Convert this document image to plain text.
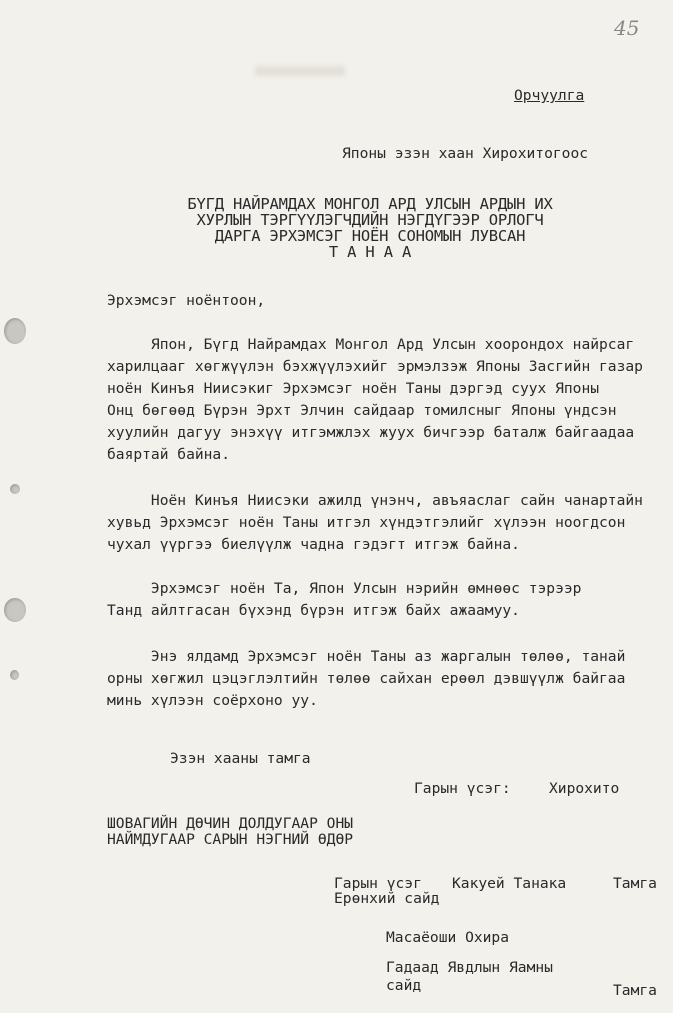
45
Орчуулга
Японы эзэн хаан Хирохитогоос
БҮГД НАЙРАМДАХ МОНГОЛ АРД УЛСЫН АРДЫН ИХ
ХУРЛЫН ТЭРГҮҮЛЭГЧДИЙН НЭГДҮГЭЭР ОРЛОГЧ
ДАРГА ЭРХЭМСЭГ НОЁН СОНОМЫН ЛУВСАН
Т А Н А А
Эрхэмсэг ноёнтоон,
Япон, Бүгд Найрамдах Монгол Ард Улсын хоорондох найрсаг
харилцааг хөгжүүлэн бэхжүүлэхийг эрмэлзэж Японы Засгийн газар
ноён Кинъя Ниисэкиг Эрхэмсэг ноён Таны дэргэд суух Японы
Онц бөгөөд Бүрэн Эрхт Элчин сайдаар томилсныг Японы үндсэн
хуулийн дагуу энэхүү итгэмжлэх жуух бичгээр баталж байгаадаа
баяртай байна.
Ноён Кинъя Ниисэки ажилд үнэнч, авъяаслаг сайн чанартайн
хувьд Эрхэмсэг ноён Таны итгэл хүндэтгэлийг хүлээн ноогдсон
чухал үүргээ биелүүлж чадна гэдэгт итгэж байна.
Эрхэмсэг ноён Та, Япон Улсын нэрийн өмнөөс тэрээр
Танд айлтгасан бүхэнд бүрэн итгэж байх ажаамуу.
Энэ ялдамд Эрхэмсэг ноён Таны аз жаргалын төлөө, танай
орны хөгжил цэцэглэлтийн төлөө сайхан ерөөл дэвшүүлж байгаа
минь хүлээн соёрхоно уу.
Эзэн хааны тамга
Гарын үсэг:	Хирохито
ШОВАГИЙН ДӨЧИН ДОЛДУГААР ОНЫ
НАЙМДУГААР САРЫН НЭГНИЙ ӨДӨР
Гарын үсэг Какуей Танака	Тамга
Ерөнхий сайд
Масаёоши Охира
Гадаад Явдлын Яамны
сайд	Тамга
